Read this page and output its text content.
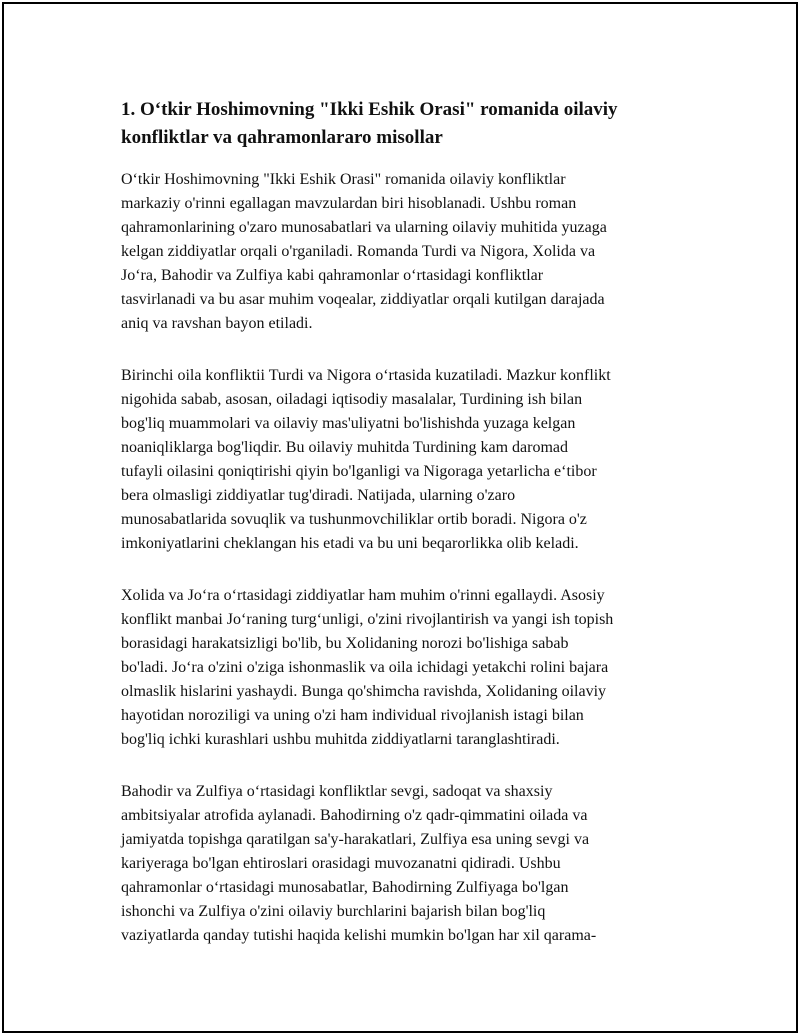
1. O‘tkir Hoshimovning "Ikki Eshik Orasi" romanida oilaviy
konfliktlar va qahramonlararo misollar

O‘tkir Hoshimovning "Ikki Eshik Orasi" romanida oilaviy konfliktlar
markaziy o'rinni egallagan mavzulardan biri hisoblanadi. Ushbu roman
qahramonlarining o'zaro munosabatlari va ularning oilaviy muhitida yuzaga
kelgan ziddiyatlar orqali o'rganiladi. Romanda Turdi va Nigora, Xolida va
Jo‘ra, Bahodir va Zulfiya kabi qahramonlar o‘rtasidagi konfliktlar
tasvirlanadi va bu asar muhim voqealar, ziddiyatlar orqali kutilgan darajada
aniq va ravshan bayon etiladi.

Birinchi oila konfliktii Turdi va Nigora o‘rtasida kuzatiladi. Mazkur konflikt
nigohida sabab, asosan, oiladagi iqtisodiy masalalar, Turdining ish bilan
bog'liq muammolari va oilaviy mas'uliyatni bo'lishishda yuzaga kelgan
noaniqliklarga bog'liqdir. Bu oilaviy muhitda Turdining kam daromad
tufayli oilasini qoniqtirishi qiyin bo'lganligi va Nigoraga yetarlicha e‘tibor
bera olmasligi ziddiyatlar tug'diradi. Natijada, ularning o'zaro
munosabatlarida sovuqlik va tushunmovchiliklar ortib boradi. Nigora o'z
imkoniyatlarini cheklangan his etadi va bu uni beqarorlikka olib keladi.

Xolida va Jo‘ra o‘rtasidagi ziddiyatlar ham muhim o'rinni egallaydi. Asosiy
konflikt manbai Jo‘raning turg‘unligi, o'zini rivojlantirish va yangi ish topish
borasidagi harakatsizligi bo'lib, bu Xolidaning norozi bo'lishiga sabab
bo'ladi. Jo‘ra o'zini o'ziga ishonmaslik va oila ichidagi yetakchi rolini bajara
olmaslik hislarini yashaydi. Bunga qo'shimcha ravishda, Xolidaning oilaviy
hayotidan noroziligi va uning o'zi ham individual rivojlanish istagi bilan
bog'liq ichki kurashlari ushbu muhitda ziddiyatlarni taranglashtiradi.

Bahodir va Zulfiya o‘rtasidagi konfliktlar sevgi, sadoqat va shaxsiy
ambitsiyalar atrofida aylanadi. Bahodirning o'z qadr-qimmatini oilada va
jamiyatda topishga qaratilgan sa'y-harakatlari, Zulfiya esa uning sevgi va
kariyeraga bo'lgan ehtiroslari orasidagi muvozanatni qidiradi. Ushbu
qahramonlar o‘rtasidagi munosabatlar, Bahodirning Zulfiyaga bo'lgan
ishonchi va Zulfiya o'zini oilaviy burchlarini bajarish bilan bog'liq
vaziyatlarda qanday tutishi haqida kelishi mumkin bo'lgan har xil qarama-
